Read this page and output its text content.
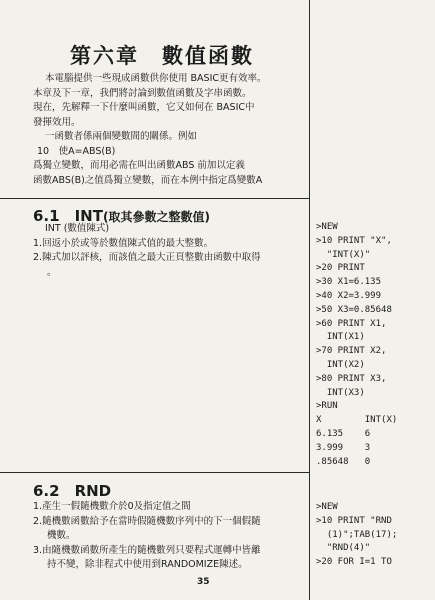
第六章　數值函數
本電腦提供一些現成函數供你使用 BASIC更有效率。
本章及下一章，我們將討論到數值函數及字串函數。
現在，先解釋一下什麼叫函數，它又如何在 BASIC中
發揮效用。
一函數者係兩個變數間的關係。例如
10　使A=ABS(B)
爲獨立變數，而用必需在叫出函數ABS 前加以定義
函數ABS(B)之值爲獨立變數，而在本例中指定爲變數A
6.1　INT(取其參數之整數值)
INT (數值陳式)
1.回返小於或等於數值陳式值的最大整數。
2.陳式加以評核，而該值之最大正頁整數由函數中取得
。
>NEW
>10 PRINT "X",
"INT(X)"
>20 PRINT
>30 X1=6.135
>40 X2=3.999
>50 X3=0.85648
>60 PRINT X1,
INT(X1)
>70 PRINT X2,
INT(X2)
>80 PRINT X3,
INT(X3)
>RUN
X        INT(X)
6.135    6
3.999    3
.85648   0
6.2　RND
1.產生一假隨機數介於0及指定值之間
2.隨機數函數給予在當時假隨機數序列中的下一個假隨
機數。
3.由隨機數函數所產生的隨機數列只要程式運轉中皆離
持不變，除非程式中使用到RANDOMIZE陳述。
>NEW
>10 PRINT "RND
(1)";TAB(17);
"RND(4)"
>20 FOR I=1 TO
35
